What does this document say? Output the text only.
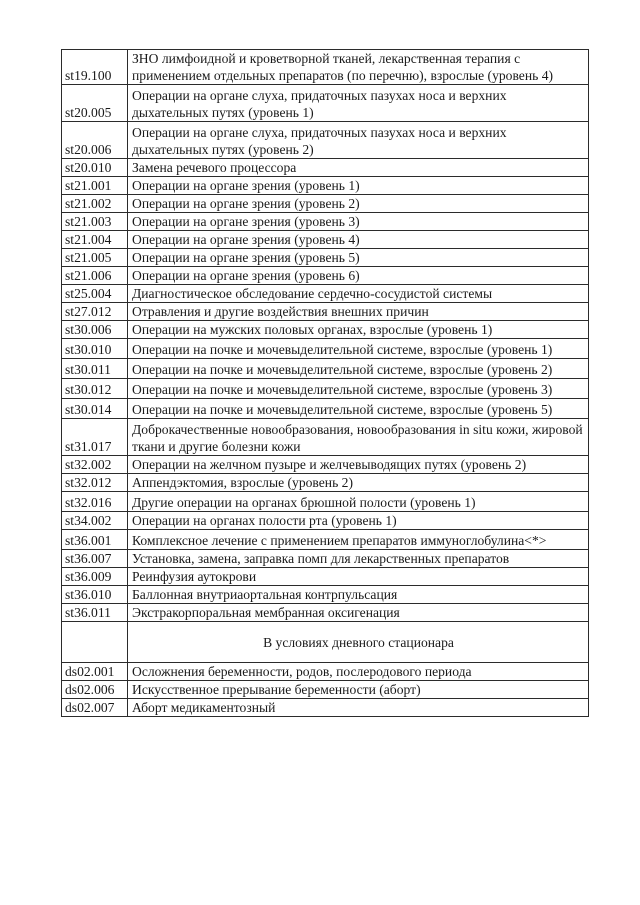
st19.100	ЗНО лимфоидной и кроветворной тканей, лекарственная терапия с применением отдельных препаратов (по перечню), взрослые (уровень 4)
st20.005	Операции на органе слуха, придаточных пазухах носа и верхних дыхательных путях (уровень 1)
st20.006	Операции на органе слуха, придаточных пазухах носа и верхних дыхательных путях (уровень 2)
st20.010	Замена речевого процессора
st21.001	Операции на органе зрения (уровень 1)
st21.002	Операции на органе зрения (уровень 2)
st21.003	Операции на органе зрения (уровень 3)
st21.004	Операции на органе зрения (уровень 4)
st21.005	Операции на органе зрения (уровень 5)
st21.006	Операции на органе зрения (уровень 6)
st25.004	Диагностическое обследование сердечно-сосудистой системы
st27.012	Отравления и другие воздействия внешних причин
st30.006	Операции на мужских половых органах, взрослые (уровень 1)
st30.010	Операции на почке и мочевыделительной системе, взрослые (уровень 1)
st30.011	Операции на почке и мочевыделительной системе, взрослые (уровень 2)
st30.012	Операции на почке и мочевыделительной системе, взрослые (уровень 3)
st30.014	Операции на почке и мочевыделительной системе, взрослые (уровень 5)
st31.017	Доброкачественные новообразования, новообразования in situ кожи, жировой ткани и другие болезни кожи
st32.002	Операции на желчном пузыре и желчевыводящих путях (уровень 2)
st32.012	Аппендэктомия, взрослые (уровень 2)
st32.016	Другие операции на органах брюшной полости (уровень 1)
st34.002	Операции на органах полости рта (уровень 1)
st36.001	Комплексное лечение с применением препаратов иммуноглобулина<*>
st36.007	Установка, замена, заправка помп для лекарственных препаратов
st36.009	Реинфузия аутокрови
st36.010	Баллонная внутриаортальная контрпульсация
st36.011	Экстракорпоральная мембранная оксигенация
	В условиях дневного стационара
ds02.001	Осложнения беременности, родов, послеродового периода
ds02.006	Искусственное прерывание беременности (аборт)
ds02.007	Аборт медикаментозный
